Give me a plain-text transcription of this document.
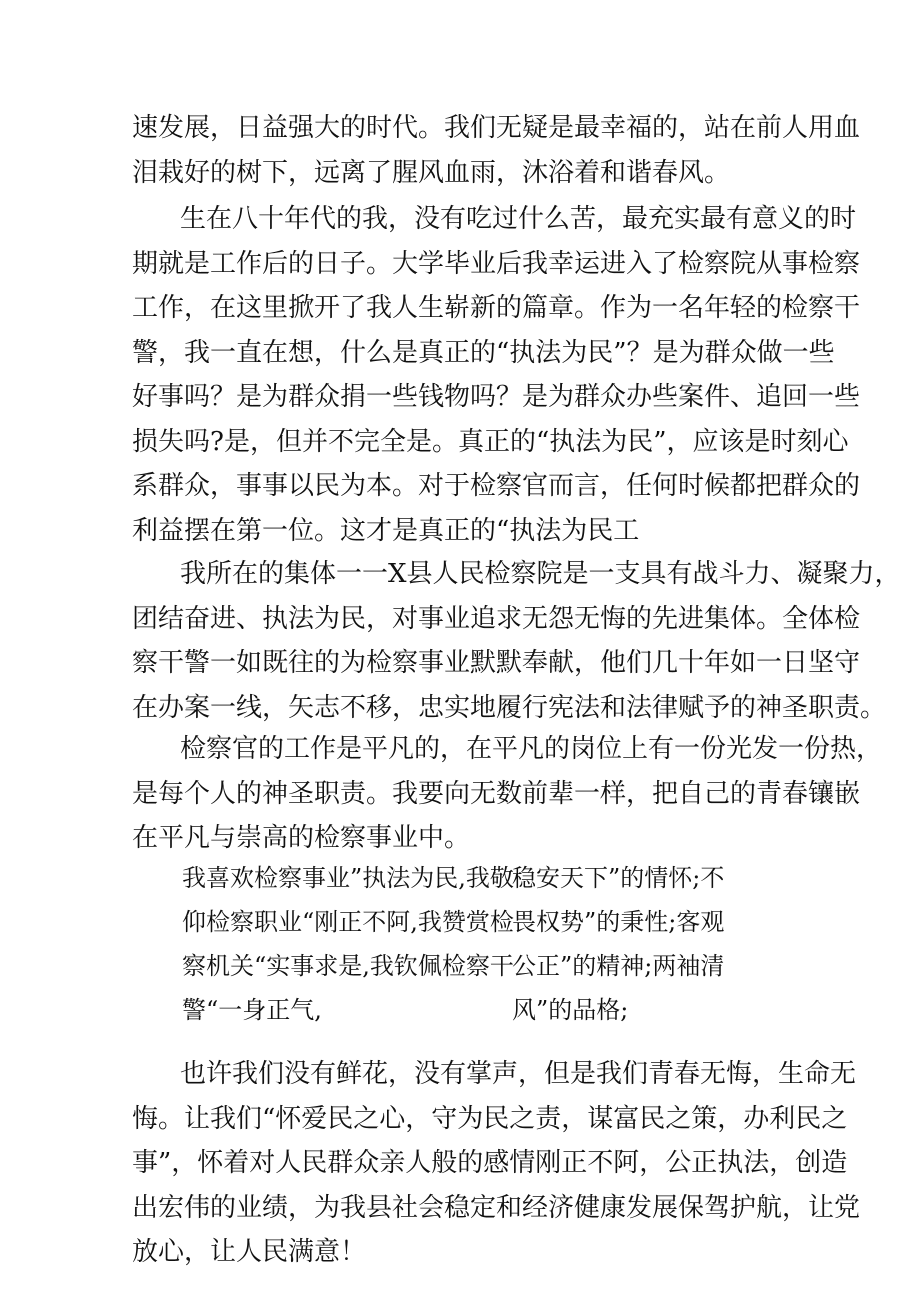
速发展，日益强大的时代。我们无疑是最幸福的，站在前人用血
泪栽好的树下，远离了腥风血雨，沐浴着和谐春风。
生在八十年代的我，没有吃过什么苦，最充实最有意义的时
期就是工作后的日子。大学毕业后我幸运进入了检察院从事检察
工作，在这里掀开了我人生崭新的篇章。作为一名年轻的检察干
警，我一直在想，什么是真正的“执法为民”？是为群众做一些
好事吗？是为群众捐一些钱物吗？是为群众办些案件、追回一些
损失吗?是，但并不完全是。真正的“执法为民”，应该是时刻心
系群众，事事以民为本。对于检察官而言，任何时候都把群众的
利益摆在第一位。这才是真正的“执法为民工
我所在的集体一一X县人民检察院是一支具有战斗力、凝聚力，
团结奋进、执法为民，对事业追求无怨无悔的先进集体。全体检
察干警一如既往的为检察事业默默奉献，他们几十年如一日坚守
在办案一线，矢志不移，忠实地履行宪法和法律赋予的神圣职责。
检察官的工作是平凡的，在平凡的岗位上有一份光发一份热，
是每个人的神圣职责。我要向无数前辈一样，把自己的青春镶嵌
在平凡与崇高的检察事业中。
我喜欢检察事业”执法为民,我敬
稳安天下”的情怀;不
仰检察职业“刚正不阿,我赞赏检
畏权势”的秉性;客观
察机关“实事求是,我钦佩检察干
公正”的精神;两袖清
警“一身正气,	风”的品格;
也许我们没有鲜花，没有掌声，但是我们青春无悔，生命无
悔。让我们“怀爱民之心，守为民之责，谋富民之策，办利民之
事”，怀着对人民群众亲人般的感情刚正不阿，公正执法，创造
出宏伟的业绩，为我县社会稳定和经济健康发展保驾护航，让党
放心，让人民满意！
